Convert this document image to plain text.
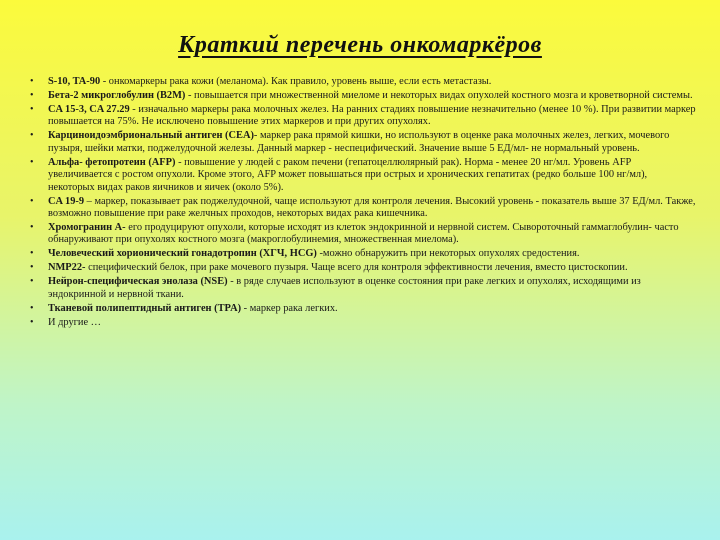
Краткий перечень онкомаркёров
• S-10, TA-90 - онкомаркеры рака кожи (меланома). Как правило, уровень выше, если есть метастазы.
• Бета-2 микроглобулин (B2M) - повышается при множественной миеломе и некоторых видах опухолей костного мозга и кроветворной системы.
• CA 15-3, CA 27.29 - изначально маркеры рака молочных желез. На ранних стадиях повышение незначительно (менее 10 %). При развитии маркер повышается на 75%. Не исключено повышение этих маркеров и при других опухолях.
• Карциноидоэмбриональный антиген (CEA)- маркер рака прямой кишки, но используют в оценке рака молочных желез, легких, мочевого пузыря, шейки матки, поджелудочной железы. Данный маркер - неспецифический. Значение выше 5 ЕД/мл- не нормальный уровень.
• Альфа- фетопротеин (AFP) - повышение у людей с раком печени (гепатоцеллюлярный рак). Норма - менее 20 нг/мл. Уровень AFP увеличивается с ростом опухоли. Кроме этого, AFP может повышаться при острых и хронических гепатитах (редко больше 100 нг/мл), некоторых видах раков яичников и яичек (около 5%).
• CA 19-9 – маркер, показывает рак поджелудочной, чаще используют для контроля лечения. Высокий уровень - показатель выше 37 ЕД/мл. Также, возможно повышение при раке желчных проходов, некоторых видах рака кишечника.
• Хромогранин А- его продуцируют опухоли, которые исходят из клеток эндокринной и нервной систем. Сывороточный гаммаглобулин- часто обнаруживают при опухолях костного мозга (макроглобулинемия, множественная миелома).
• Человеческий хорионический гонадотропин (ХГЧ, HCG) -можно обнаружить при некоторых опухолях средостения.
• NMP22- специфический белок, при раке мочевого пузыря. Чаще всего для контроля эффективности лечения, вместо цистоскопии.
• Нейрон-специфическая энолаза (NSE) - в ряде случаев используют в оценке состояния при раке легких и опухолях, исходящими из эндокринной и нервной ткани.
• Тканевой полипептидный антиген (TPA) - маркер рака легких.
• И другие …
